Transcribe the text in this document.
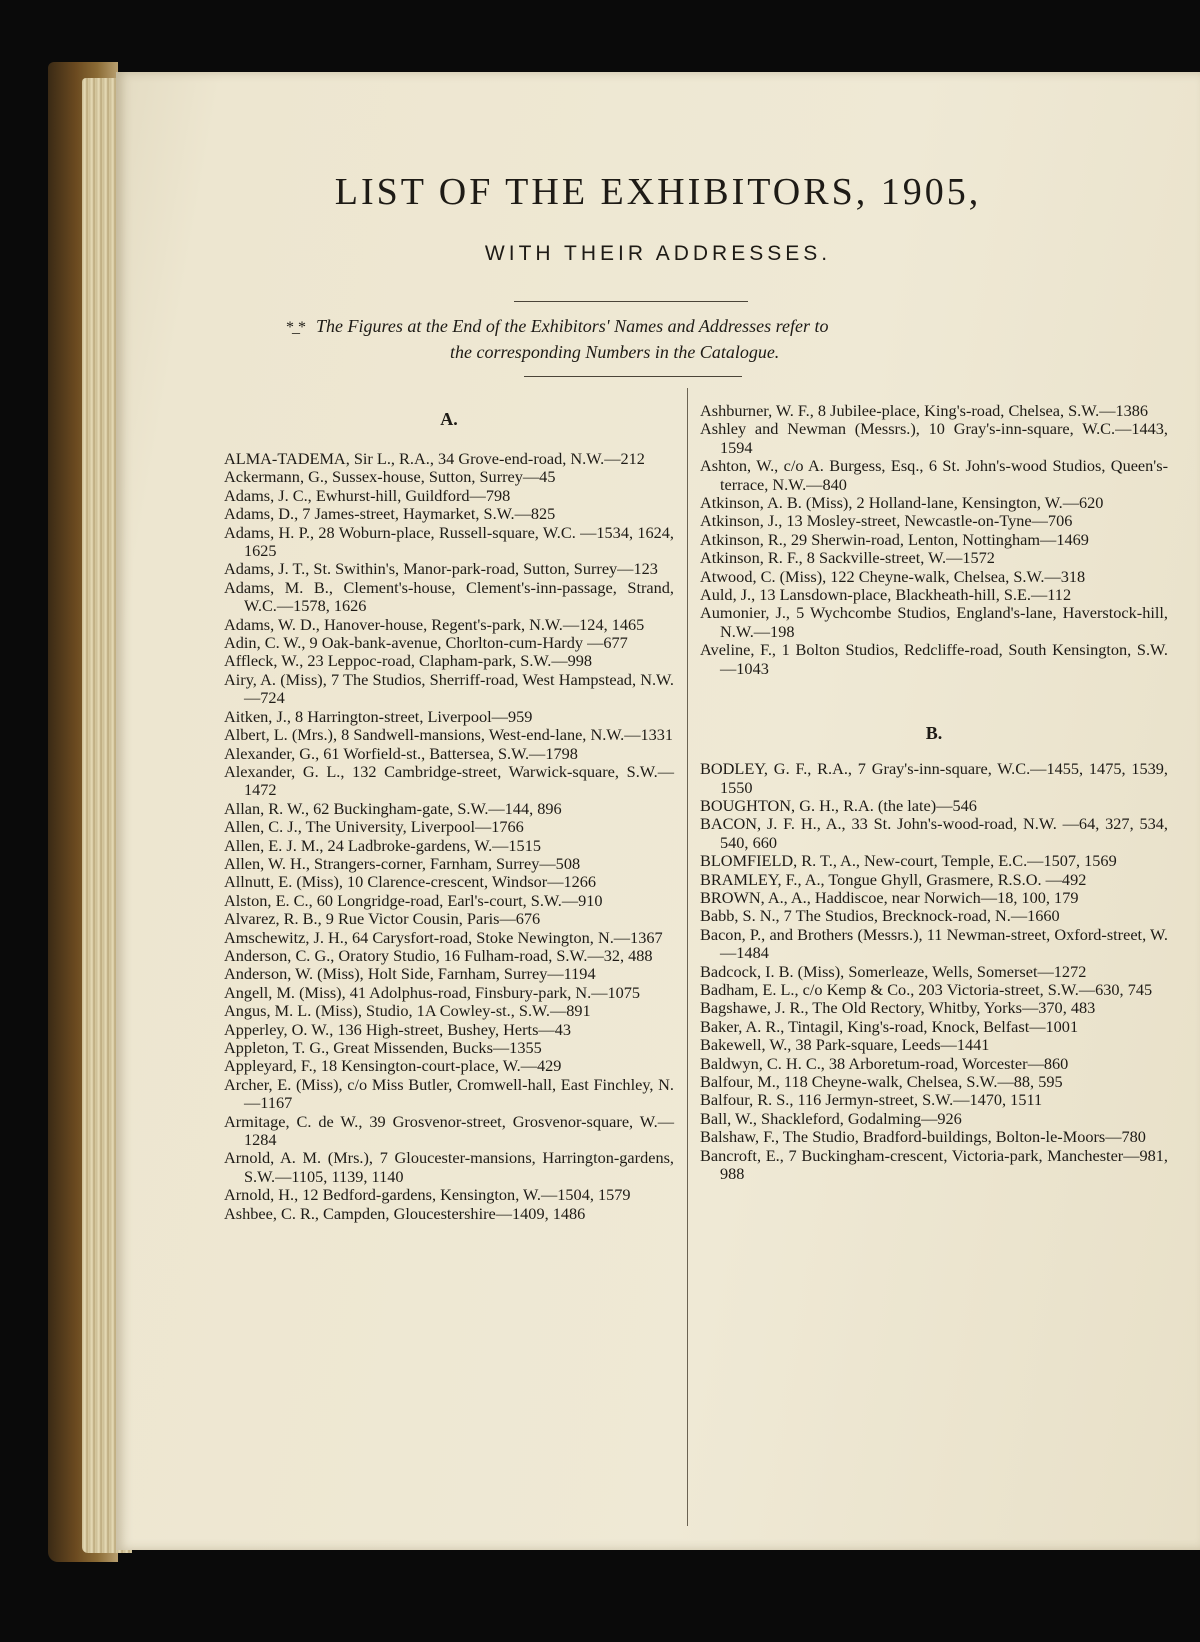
LIST OF THE EXHIBITORS, 1905,
WITH THEIR ADDRESSES.
*_* The Figures at the End of the Exhibitors' Names and Addresses refer to
the corresponding Numbers in the Catalogue.
A.
ALMA-TADEMA, Sir L., R.A., 34 Grove-end-road, N.W.—212
Ackermann, G., Sussex-house, Sutton, Surrey—45
Adams, J. C., Ewhurst-hill, Guildford—798
Adams, D., 7 James-street, Haymarket, S.W.—825
Adams, H. P., 28 Woburn-place, Russell-square, W.C. —1534, 1624, 1625
Adams, J. T., St. Swithin's, Manor-park-road, Sutton, Surrey—123
Adams, M. B., Clement's-house, Clement's-inn-passage, Strand, W.C.—1578, 1626
Adams, W. D., Hanover-house, Regent's-park, N.W.—124, 1465
Adin, C. W., 9 Oak-bank-avenue, Chorlton-cum-Hardy —677
Affleck, W., 23 Leppoc-road, Clapham-park, S.W.—998
Airy, A. (Miss), 7 The Studios, Sherriff-road, West Hampstead, N.W.—724
Aitken, J., 8 Harrington-street, Liverpool—959
Albert, L. (Mrs.), 8 Sandwell-mansions, West-end-lane, N.W.—1331
Alexander, G., 61 Worfield-st., Battersea, S.W.—1798
Alexander, G. L., 132 Cambridge-street, Warwick-square, S.W.—1472
Allan, R. W., 62 Buckingham-gate, S.W.—144, 896
Allen, C. J., The University, Liverpool—1766
Allen, E. J. M., 24 Ladbroke-gardens, W.—1515
Allen, W. H., Strangers-corner, Farnham, Surrey—508
Allnutt, E. (Miss), 10 Clarence-crescent, Windsor—1266
Alston, E. C., 60 Longridge-road, Earl's-court, S.W.—910
Alvarez, R. B., 9 Rue Victor Cousin, Paris—676
Amschewitz, J. H., 64 Carysfort-road, Stoke Newington, N.—1367
Anderson, C. G., Oratory Studio, 16 Fulham-road, S.W.—32, 488
Anderson, W. (Miss), Holt Side, Farnham, Surrey—1194
Angell, M. (Miss), 41 Adolphus-road, Finsbury-park, N.—1075
Angus, M. L. (Miss), Studio, 1A Cowley-st., S.W.—891
Apperley, O. W., 136 High-street, Bushey, Herts—43
Appleton, T. G., Great Missenden, Bucks—1355
Appleyard, F., 18 Kensington-court-place, W.—429
Archer, E. (Miss), c/o Miss Butler, Cromwell-hall, East Finchley, N.—1167
Armitage, C. de W., 39 Grosvenor-street, Grosvenor-square, W.—1284
Arnold, A. M. (Mrs.), 7 Gloucester-mansions, Harrington-gardens, S.W.—1105, 1139, 1140
Arnold, H., 12 Bedford-gardens, Kensington, W.—1504, 1579
Ashbee, C. R., Campden, Gloucestershire—1409, 1486
Ashburner, W. F., 8 Jubilee-place, King's-road, Chelsea, S.W.—1386
Ashley and Newman (Messrs.), 10 Gray's-inn-square, W.C.—1443, 1594
Ashton, W., c/o A. Burgess, Esq., 6 St. John's-wood Studios, Queen's-terrace, N.W.—840
Atkinson, A. B. (Miss), 2 Holland-lane, Kensington, W.—620
Atkinson, J., 13 Mosley-street, Newcastle-on-Tyne—706
Atkinson, R., 29 Sherwin-road, Lenton, Nottingham—1469
Atkinson, R. F., 8 Sackville-street, W.—1572
Atwood, C. (Miss), 122 Cheyne-walk, Chelsea, S.W.—318
Auld, J., 13 Lansdown-place, Blackheath-hill, S.E.—112
Aumonier, J., 5 Wychcombe Studios, England's-lane, Haverstock-hill, N.W.—198
Aveline, F., 1 Bolton Studios, Redcliffe-road, South Kensington, S.W.—1043
B.
BODLEY, G. F., R.A., 7 Gray's-inn-square, W.C.—1455, 1475, 1539, 1550
BOUGHTON, G. H., R.A. (the late)—546
BACON, J. F. H., A., 33 St. John's-wood-road, N.W. —64, 327, 534, 540, 660
BLOMFIELD, R. T., A., New-court, Temple, E.C.—1507, 1569
BRAMLEY, F., A., Tongue Ghyll, Grasmere, R.S.O. —492
BROWN, A., A., Haddiscoe, near Norwich—18, 100, 179
Babb, S. N., 7 The Studios, Brecknock-road, N.—1660
Bacon, P., and Brothers (Messrs.), 11 Newman-street, Oxford-street, W.—1484
Badcock, I. B. (Miss), Somerleaze, Wells, Somerset—1272
Badham, E. L., c/o Kemp & Co., 203 Victoria-street, S.W.—630, 745
Bagshawe, J. R., The Old Rectory, Whitby, Yorks—370, 483
Baker, A. R., Tintagil, King's-road, Knock, Belfast—1001
Bakewell, W., 38 Park-square, Leeds—1441
Baldwyn, C. H. C., 38 Arboretum-road, Worcester—860
Balfour, M., 118 Cheyne-walk, Chelsea, S.W.—88, 595
Balfour, R. S., 116 Jermyn-street, S.W.—1470, 1511
Ball, W., Shackleford, Godalming—926
Balshaw, F., The Studio, Bradford-buildings, Bolton-le-Moors—780
Bancroft, E., 7 Buckingham-crescent, Victoria-park, Manchester—981, 988
